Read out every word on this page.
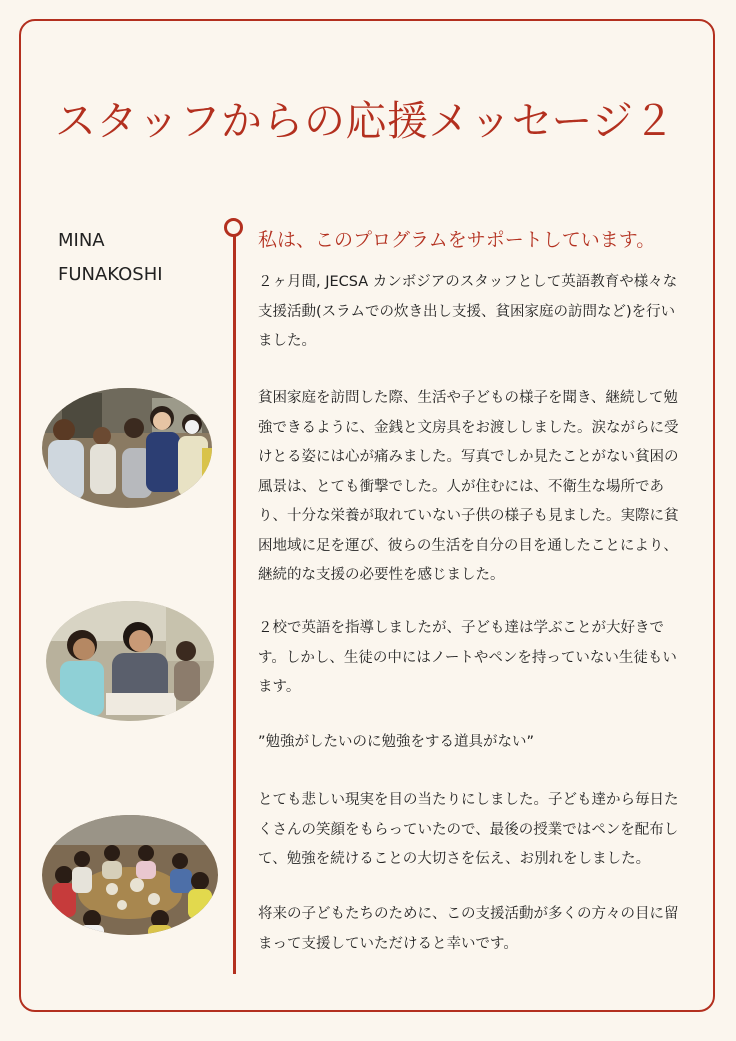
スタッフからの応援メッセージ２
MINA
FUNAKOSHI
私は、このプログラムをサポートしています。

２ヶ月間, JECSA カンボジアのスタッフとして英語教育や様々な支援活動(スラムでの炊き出し支援、貧困家庭の訪問など)を行いました。

貧困家庭を訪問した際、生活や子どもの様子を聞き、継続して勉強できるように、金銭と文房具をお渡ししました。涙ながらに受けとる姿には心が痛みました。写真でしか見たことがない貧困の風景は、とても衝撃でした。人が住むには、不衛生な場所であり、十分な栄養が取れていない子供の様子も見ました。実際に貧困地域に足を運び、彼らの生活を自分の目を通したことにより、継続的な支援の必要性を感じました。

２校で英語を指導しましたが、子ども達は学ぶことが大好きです。しかし、生徒の中にはノートやペンを持っていない生徒もいます。

”勉強がしたいのに勉強をする道具がない”

とても悲しい現実を目の当たりにしました。子ども達から毎日たくさんの笑顔をもらっていたので、最後の授業ではペンを配布して、勉強を続けることの大切さを伝え、お別れをしました。

将来の子どもたちのために、この支援活動が多くの方々の目に留まって支援していただけると幸いです。
